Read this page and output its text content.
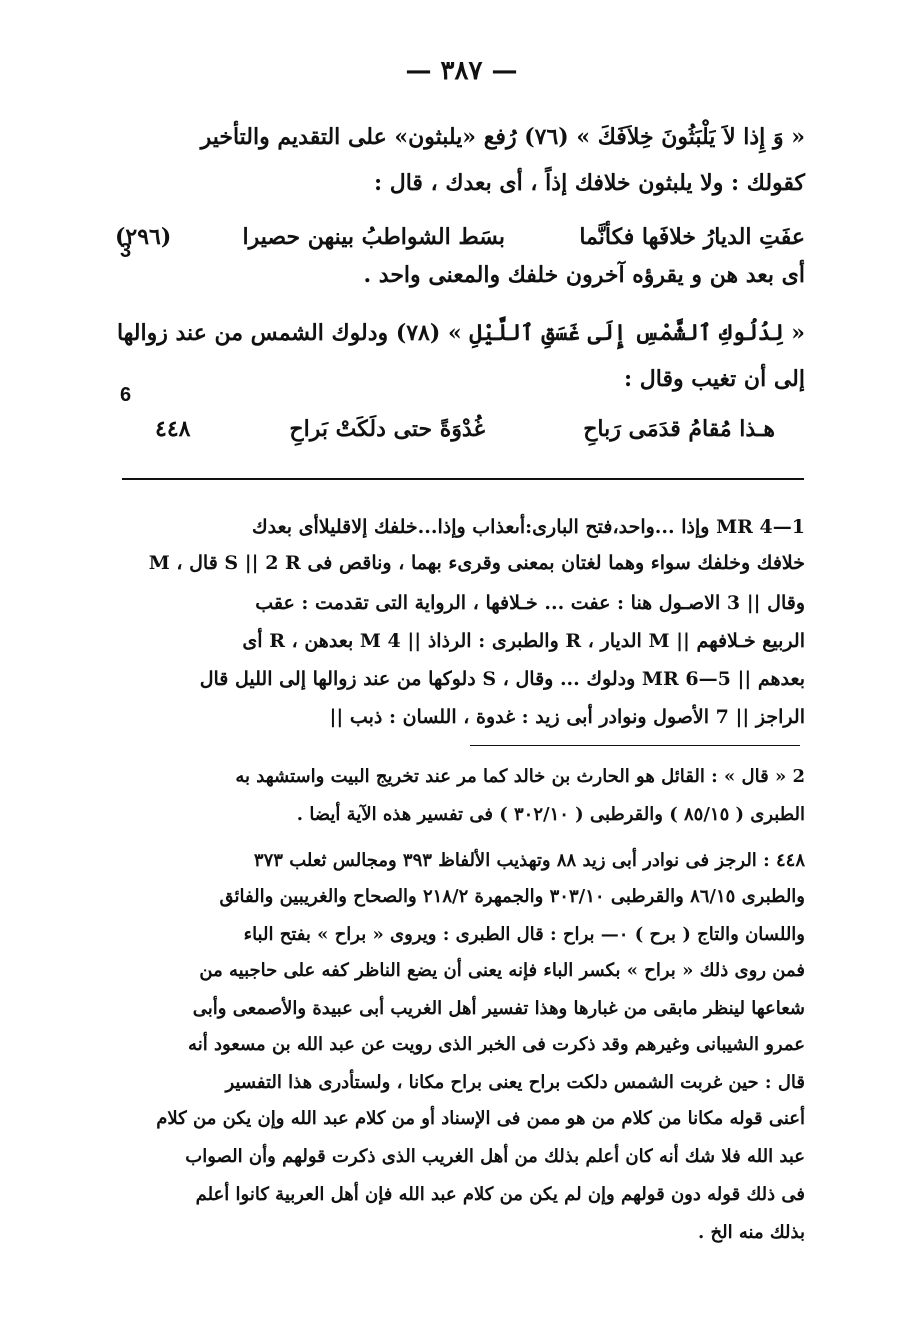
— ٣٨٧ —
« وَ إِذا لاَ يَلْبَثُونَ خِلاَفَكَ » (٧٦) رُفع «يلبثون» على التقديم والتأخير
كقولك : ولا يلبثون خلافك إذاً ، أى بعدك ، قال :
عفَتِ الديارُ خلافَها فكأنَّما
بسَط الشواطبُ بينهن حصيرا
(٢٩٦)
3
أى بعد هن و يقرؤه آخرون خلفك والمعنى واحد .
« لِدُلُوكِ ٱلشَّمْسِ إِلَى غَسَقِ ٱللَّيْلِ » (٧٨) ودلوك الشمس من عند زوالها
إلى أن تغيب وقال :
6
هـذا مُقامُ قدَمَى رَباحِ
غُدْوَةً حتى دلَكَتْ بَراحِ
٤٤٨
1—4 MR وإذا ...واحد،فتح البارى:أىعذاب وإذا...خلفك إلاقليلاأى بعدك
خلافك وخلفك سواء وهما لغتان بمعنى وقرىء بهما ، وناقص فى S || 2 R قال ، M
وقال || 3 الاصـول هنا : عفت ... خـلافها ، الرواية التى تقدمت : عقب
الربيع خـلافهم || M الديار ، R والطبرى : الرذاذ || 4 M بعدهن ، R أى
بعدهم || 5—6 MR ودلوك ... وقال ، S دلوكها من عند زوالها إلى الليل قال
الراجز || 7 الأصول ونوادر أبى زيد : غدوة ، اللسان : ذبب ||
2 « قال » : القائل هو الحارث بن خالد كما مر عند تخريج البيت واستشهد به
الطبرى ( ٨٥/١٥ ) والقرطبى ( ٣٠٢/١٠ ) فى تفسير هذه الآية أيضا .
٤٤٨ : الرجز فى نوادر أبى زيد ٨٨ وتهذيب الألفاظ ٣٩٣ ومجالس ثعلب ٣٧٣
والطبرى ٨٦/١٥ والقرطبى ٣٠٣/١٠ والجمهرة ٢١٨/٢ والصحاح والغريبين والفائق
واللسان والتاج ( برح ) ٠— براح : قال الطبرى : ويروى « براح » بفتح الباء
فمن روى ذلك « براح » بكسر الباء فإنه يعنى أن يضع الناظر كفه على حاجبيه من
شعاعها لينظر مابقى من غبارها وهذا تفسير أهل الغريب أبى عبيدة والأصمعى وأبى
عمرو الشيبانى وغيرهم وقد ذكرت فى الخبر الذى رويت عن عبد الله بن مسعود أنه
قال : حين غربت الشمس دلكت براح يعنى براح مكانا ، ولستأدرى هذا التفسير
أعنى قوله مكانا من كلام من هو ممن فى الإسناد أو من كلام عبد الله وإن يكن من كلام
عبد الله فلا شك أنه كان أعلم بذلك من أهل الغريب الذى ذكرت قولهم وأن الصواب
فى ذلك قوله دون قولهم وإن لم يكن من كلام عبد الله فإن أهل العربية كانوا أعلم
بذلك منه الخ .
